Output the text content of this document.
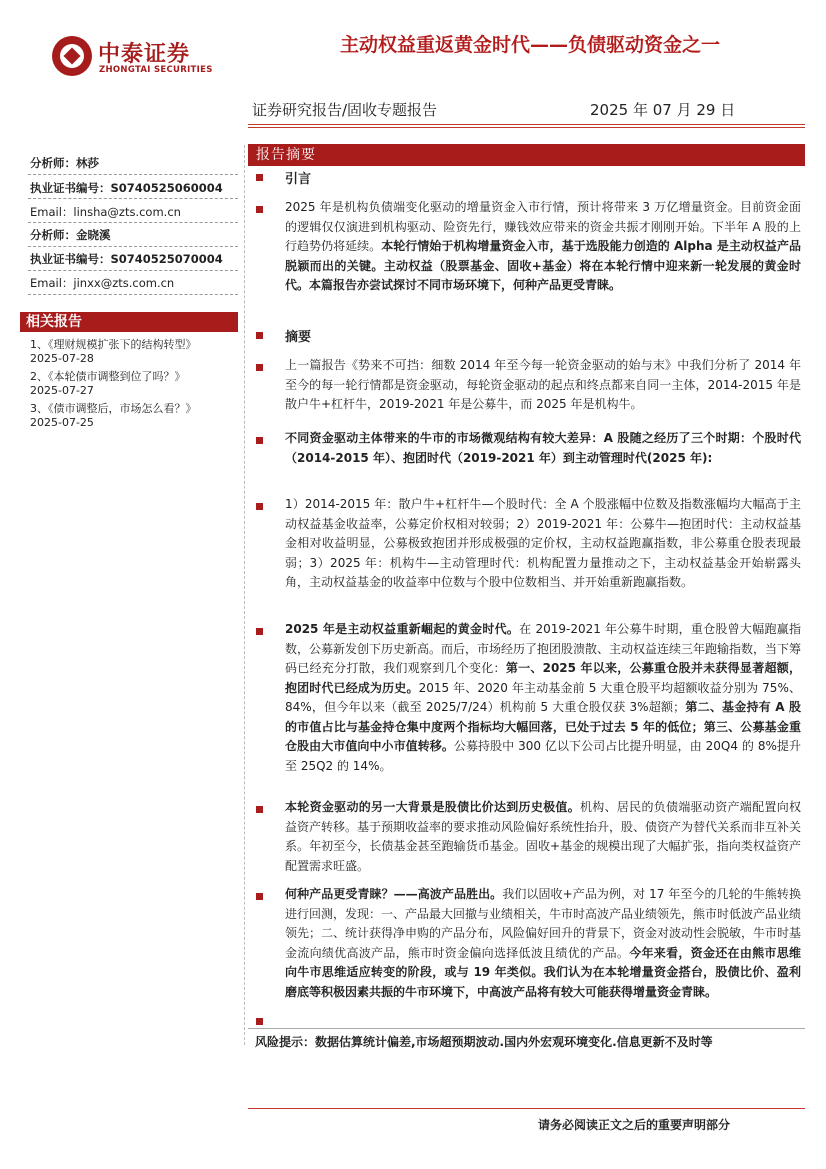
中泰证券
ZHONGTAI SECURITIES
主动权益重返黄金时代——负债驱动资金之一
证券研究报告/固收专题报告	2025 年 07 月 29 日
分析师：林莎
执业证书编号：S0740525060004
Email：linsha@zts.com.cn
分析师：金晓溪
执业证书编号：S0740525070004
Email：jinxx@zts.com.cn
相关报告
1、《理财规模扩张下的结构转型》
2025-07-28
2、《本轮债市调整到位了吗？》
2025-07-27
3、《债市调整后，市场怎么看？》
2025-07-25
报告摘要
引言
2025 年是机构负债端变化驱动的增量资金入市行情，预计将带来 3 万亿增量资金。目前资金面的逻辑仅仅演进到机构驱动、险资先行，赚钱效应带来的资金共振才刚刚开始。下半年 A 股的上行趋势仍将延续。本轮行情始于机构增量资金入市，基于选股能力创造的 Alpha 是主动权益产品脱颖而出的关键。主动权益（股票基金、固收+基金）将在本轮行情中迎来新一轮发展的黄金时代。本篇报告亦尝试探讨不同市场环境下，何种产品更受青睐。
摘要
上一篇报告《势来不可挡：细数 2014 年至今每一轮资金驱动的始与末》中我们分析了 2014 年至今的每一轮行情都是资金驱动，每轮资金驱动的起点和终点都来自同一主体，2014-2015 年是散户牛+杠杆牛，2019-2021 年是公募牛，而 2025 年是机构牛。
不同资金驱动主体带来的牛市的市场微观结构有较大差异：A 股随之经历了三个时期：个股时代（2014-2015 年）、抱团时代（2019-2021 年）到主动管理时代(2025 年):
1）2014-2015 年：散户牛+杠杆牛—个股时代：全 A 个股涨幅中位数及指数涨幅均大幅高于主动权益基金收益率，公募定价权相对较弱；2）2019-2021 年：公募牛—抱团时代：主动权益基金相对收益明显，公募极致抱团并形成极强的定价权，主动权益跑赢指数，非公募重仓股表现最弱；3）2025 年：机构牛—主动管理时代：机构配置力量推动之下，主动权益基金开始崭露头角，主动权益基金的收益率中位数与个股中位数相当、并开始重新跑赢指数。
2025 年是主动权益重新崛起的黄金时代。在 2019-2021 年公募牛时期，重仓股曾大幅跑赢指数，公募新发创下历史新高。而后，市场经历了抱团股溃散、主动权益连续三年跑输指数，当下筹码已经充分打散，我们观察到几个变化：第一、2025 年以来，公募重仓股并未获得显著超额，抱团时代已经成为历史。2015 年、2020 年主动基金前 5 大重仓股平均超额收益分别为 75%、84%，但今年以来（截至 2025/7/24）机构前 5 大重仓股仅获 3%超额；第二、基金持有 A 股的市值占比与基金持仓集中度两个指标均大幅回落，已处于过去 5 年的低位；第三、公募基金重仓股由大市值向中小市值转移。公募持股中 300 亿以下公司占比提升明显，由 20Q4 的 8%提升至 25Q2 的 14%。
本轮资金驱动的另一大背景是股债比价达到历史极值。机构、居民的负债端驱动资产端配置向权益资产转移。基于预期收益率的要求推动风险偏好系统性抬升，股、债资产为替代关系而非互补关系。年初至今，长债基金甚至跑输货币基金。固收+基金的规模出现了大幅扩张，指向类权益资产配置需求旺盛。
何种产品更受青睐？——高波产品胜出。我们以固收+产品为例，对 17 年至今的几轮的牛熊转换进行回测，发现：一、产品最大回撤与业绩相关，牛市时高波产品业绩领先，熊市时低波产品业绩领先；二、统计获得净申购的产品分布，风险偏好回升的背景下，资金对波动性会脱敏，牛市时基金流向绩优高波产品，熊市时资金偏向选择低波且绩优的产品。今年来看，资金还在由熊市思维向牛市思维适应转变的阶段，或与 19 年类似。我们认为在本轮增量资金搭台，股债比价、盈利磨底等积极因素共振的牛市环境下，中高波产品将有较大可能获得增量资金青睐。
风险提示：数据估算统计偏差,市场超预期波动.国内外宏观环境变化.信息更新不及时等
请务必阅读正文之后的重要声明部分
